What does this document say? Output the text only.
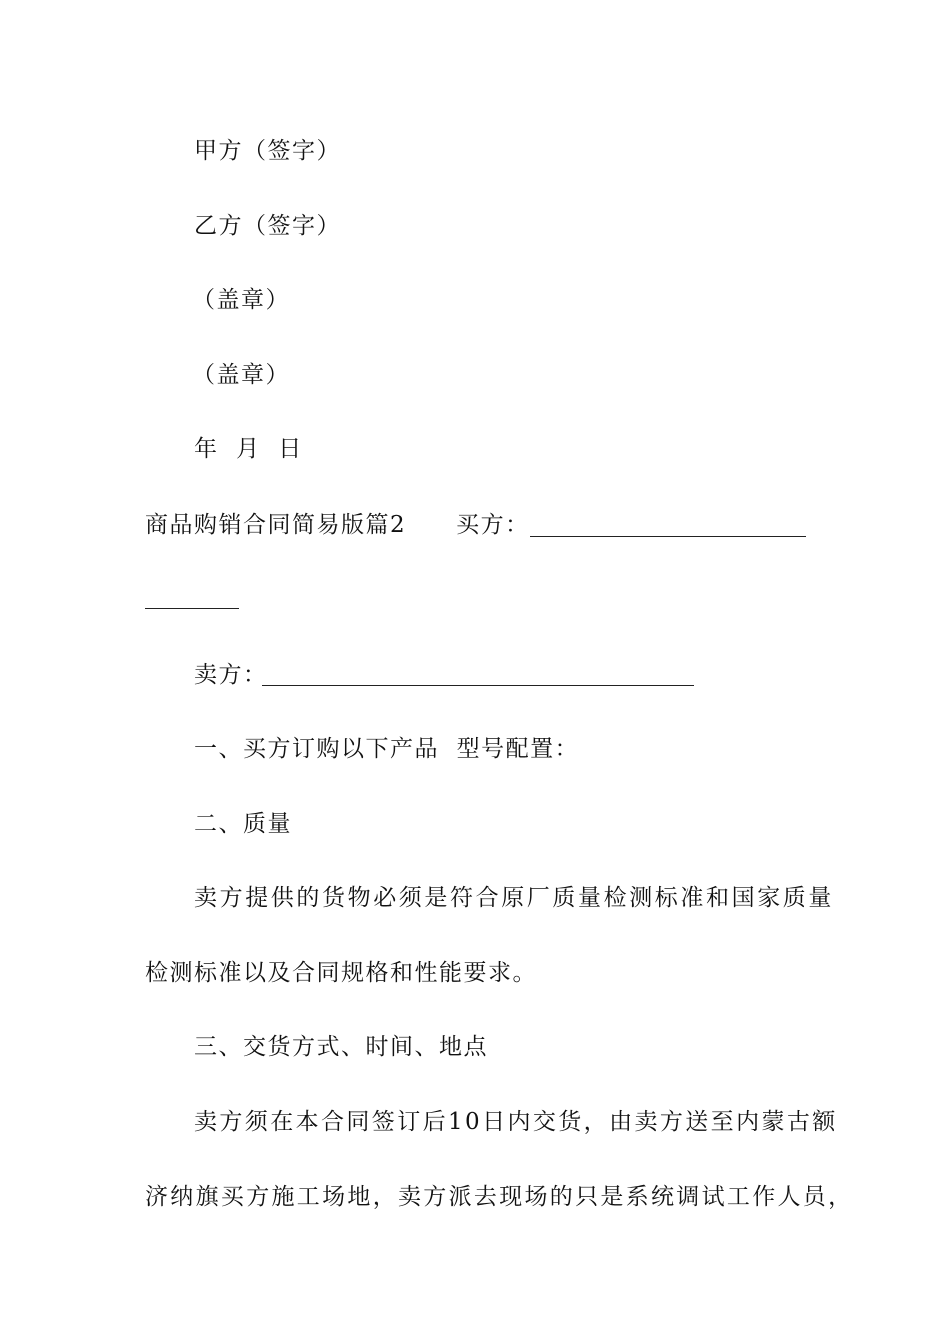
甲方（签字）
乙方（签字）
（盖章）
（盖章）
年  月  日
商品购销合同简易版篇2 买方：
卖方：
一、买方订购以下产品  型号配置：
二、质量
卖方提供的货物必须是符合原厂质量检测标准和国家质量
检测标准以及合同规格和性能要求。
三、交货方式、时间、地点
卖方须在本合同签订后10日内交货，由卖方送至内蒙古额
济纳旗买方施工场地，卖方派去现场的只是系统调试工作人员，
